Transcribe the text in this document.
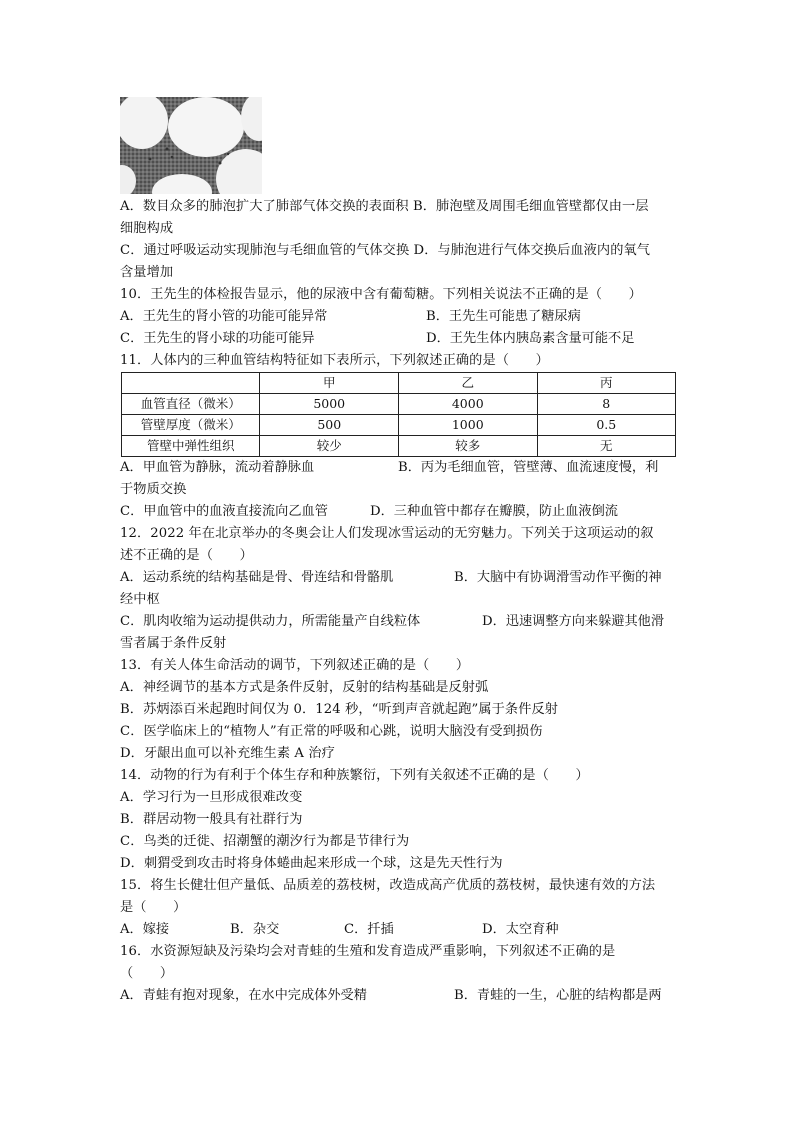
A．数目众多的肺泡扩大了肺部气体交换的表面积 B．肺泡壁及周围毛细血管壁都仅由一层
细胞构成
C．通过呼吸运动实现肺泡与毛细血管的气体交换 D．与肺泡进行气体交换后血液内的氧气
含量增加
10．王先生的体检报告显示，他的尿液中含有葡萄糖。下列相关说法不正确的是（　　）
A．王先生的肾小管的功能可能异常	B．王先生可能患了糖尿病
C．王先生的肾小球的功能可能异	D．王先生体内胰岛素含量可能不足
11．人体内的三种血管结构特征如下表所示，下列叙述正确的是（　　）
	甲	乙	丙
血管直径（微米）	5000	4000	8
管壁厚度（微米）	500	1000	0.5
管壁中弹性组织	较少	较多	无
A．甲血管为静脉，流动着静脉血	B．丙为毛细血管，管壁薄、血流速度慢，利
于物质交换
C．甲血管中的血液直接流向乙血管	D．三种血管中都存在瓣膜，防止血液倒流
12．2022 年在北京举办的冬奥会让人们发现冰雪运动的无穷魅力。下列关于这项运动的叙
述不正确的是（　　）
A．运动系统的结构基础是骨、骨连结和骨骼肌	B．大脑中有协调滑雪动作平衡的神
经中枢
C．肌肉收缩为运动提供动力，所需能量产自线粒体	D．迅速调整方向来躲避其他滑
雪者属于条件反射
13．有关人体生命活动的调节，下列叙述正确的是（　　）
A．神经调节的基本方式是条件反射，反射的结构基础是反射弧
B．苏炳添百米起跑时间仅为 0．124 秒，“听到声音就起跑”属于条件反射
C．医学临床上的“植物人”有正常的呼吸和心跳，说明大脑没有受到损伤
D．牙龈出血可以补充维生素 A 治疗
14．动物的行为有利于个体生存和种族繁衍，下列有关叙述不正确的是（　　）
A．学习行为一旦形成很难改变
B．群居动物一般具有社群行为
C．鸟类的迁徙、招潮蟹的潮汐行为都是节律行为
D．刺猬受到攻击时将身体蜷曲起来形成一个球，这是先天性行为
15．将生长健壮但产量低、品质差的荔枝树，改造成高产优质的荔枝树，最快速有效的方法
是（　　）
A．嫁接	B．杂交	C．扦插	D．太空育种
16．水资源短缺及污染均会对青蛙的生殖和发育造成严重影响，下列叙述不正确的是
（　　）
A．青蛙有抱对现象，在水中完成体外受精	B．青蛙的一生，心脏的结构都是两
